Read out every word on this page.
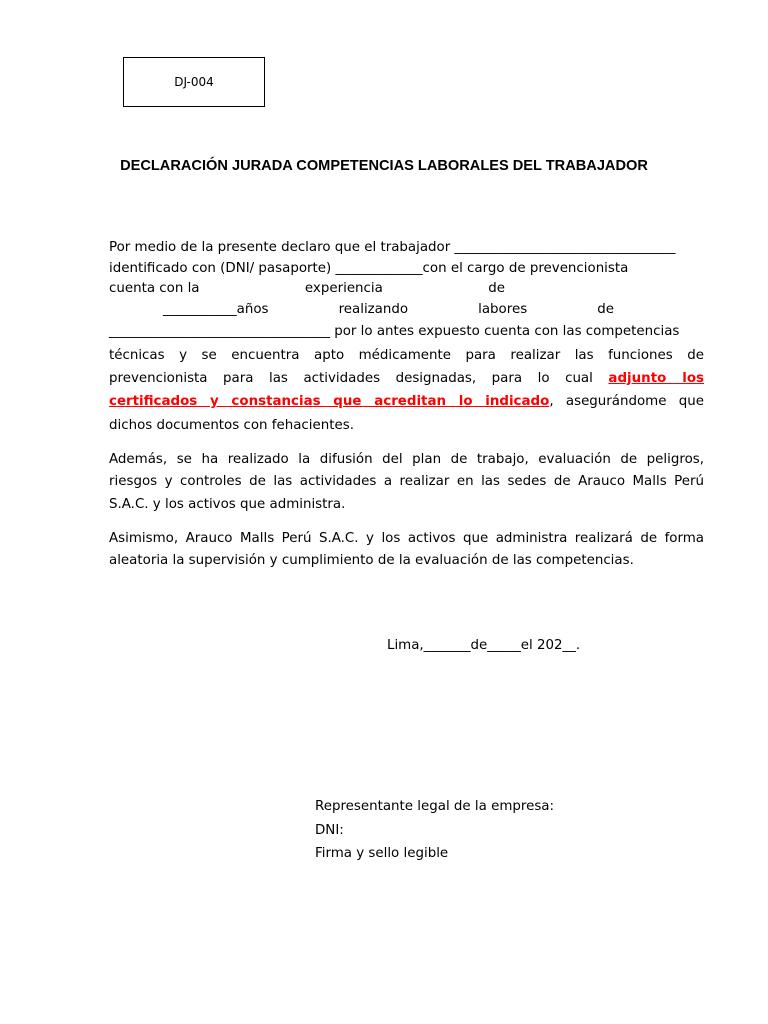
DJ-004
DECLARACIÓN JURADA COMPETENCIAS LABORALES DEL TRABAJADOR
Por medio de la presente declaro que el trabajador _________________________________
identificado con (DNI/ pasaporte) _____________con el cargo de prevencionista
cuenta con la	experiencia	de
___________años	realizando	labores	de
_________________________________ por lo antes expuesto cuenta con las competencias
técnicas y se encuentra apto médicamente para realizar las funciones de
prevencionista para las actividades designadas, para lo cual adjunto los
certificados y constancias que acreditan lo indicado, asegurándome que
dichos documentos con fehacientes.
Además, se ha realizado la difusión del plan de trabajo, evaluación de peligros,
riesgos y controles de las actividades a realizar en las sedes de Arauco Malls Perú
S.A.C. y los activos que administra.
Asimismo, Arauco Malls Perú S.A.C. y los activos que administra realizará de forma
aleatoria la supervisión y cumplimiento de la evaluación de las competencias.
Lima,_______de_____el 202__.
Representante legal de la empresa:
DNI:
Firma y sello legible
